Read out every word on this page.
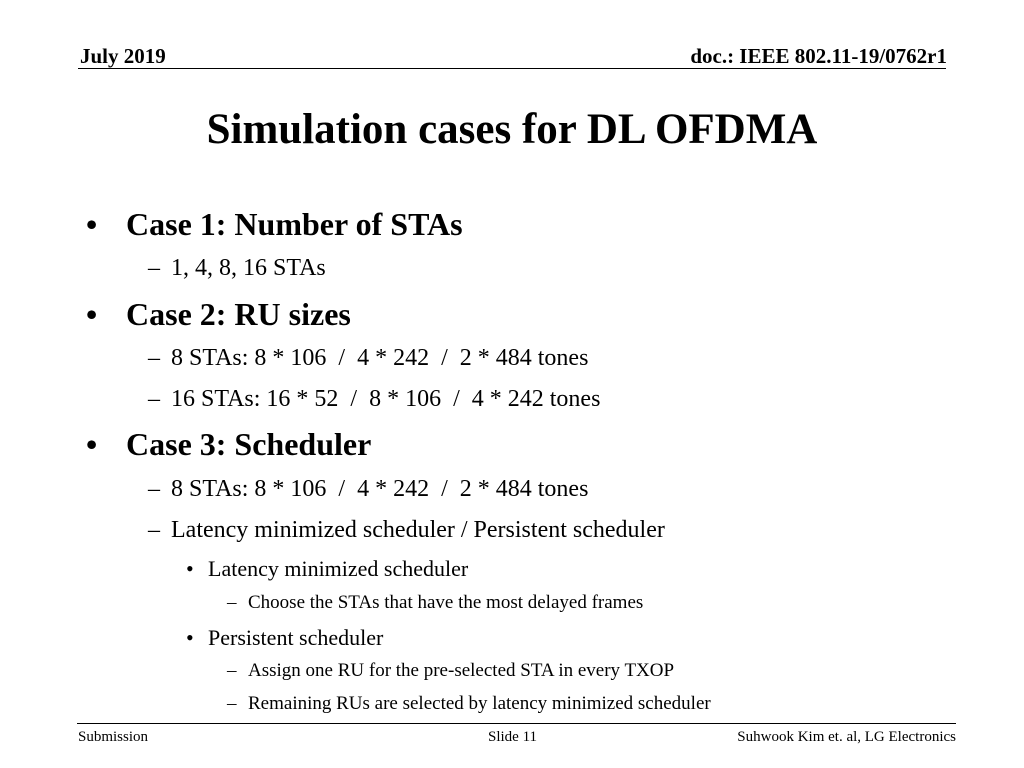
July 2019	doc.: IEEE 802.11-19/0762r1
Simulation cases for DL OFDMA
• Case 1: Number of STAs
– 1, 4, 8, 16 STAs
• Case 2: RU sizes
– 8 STAs: 8 * 106  /  4 * 242  /  2 * 484 tones
– 16 STAs: 16 * 52  /  8 * 106  /  4 * 242 tones
• Case 3: Scheduler
– 8 STAs: 8 * 106  /  4 * 242  /  2 * 484 tones
– Latency minimized scheduler / Persistent scheduler
• Latency minimized scheduler
– Choose the STAs that have the most delayed frames
• Persistent scheduler
– Assign one RU for the pre-selected STA in every TXOP
– Remaining RUs are selected by latency minimized scheduler
Submission	Slide 11	Suhwook Kim et. al, LG Electronics
